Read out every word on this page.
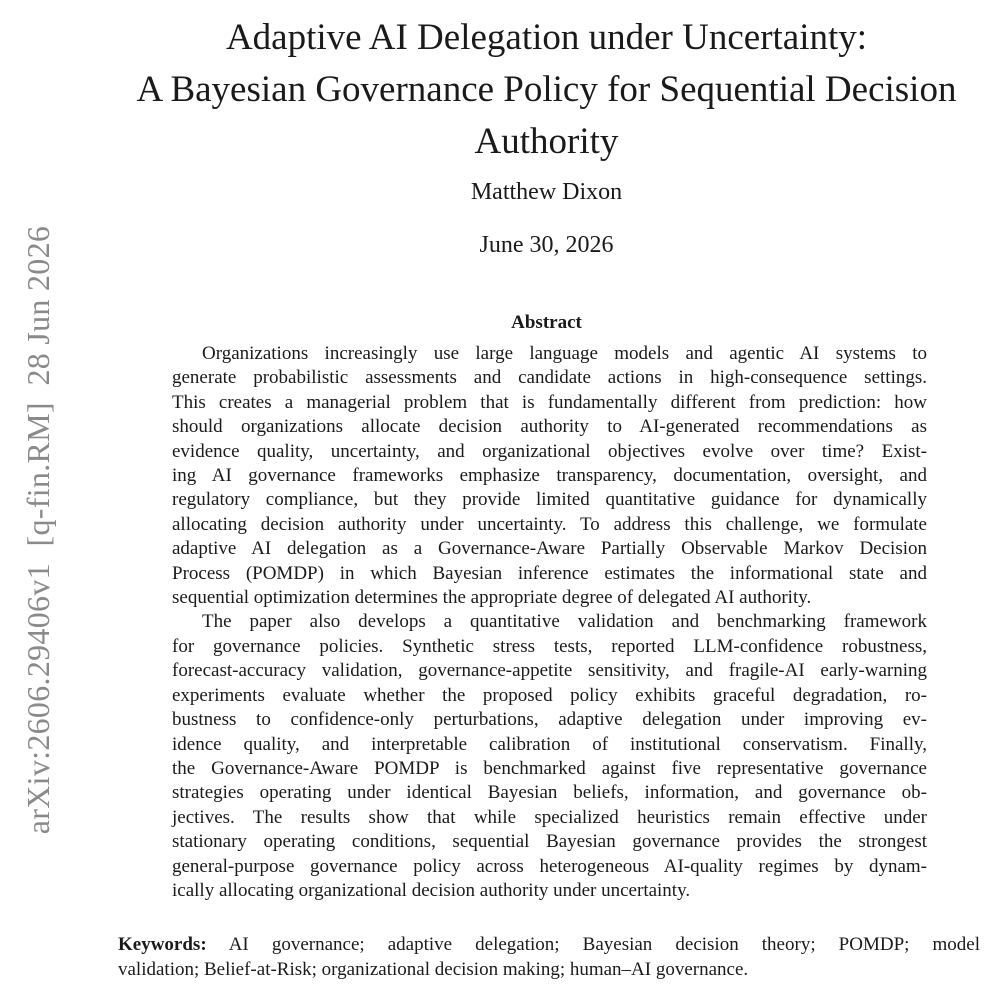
arXiv:2606.29406v1  [q-fin.RM]  28 Jun 2026
Adaptive AI Delegation under Uncertainty:
A Bayesian Governance Policy for Sequential Decision
Authority
Matthew Dixon
June 30, 2026
Abstract
Organizations increasingly use large language models and agentic AI systems to
generate probabilistic assessments and candidate actions in high-consequence settings.
This creates a managerial problem that is fundamentally different from prediction: how
should organizations allocate decision authority to AI-generated recommendations as
evidence quality, uncertainty, and organizational objectives evolve over time? Exist-
ing AI governance frameworks emphasize transparency, documentation, oversight, and
regulatory compliance, but they provide limited quantitative guidance for dynamically
allocating decision authority under uncertainty. To address this challenge, we formulate
adaptive AI delegation as a Governance-Aware Partially Observable Markov Decision
Process (POMDP) in which Bayesian inference estimates the informational state and
sequential optimization determines the appropriate degree of delegated AI authority.
The paper also develops a quantitative validation and benchmarking framework
for governance policies. Synthetic stress tests, reported LLM-confidence robustness,
forecast-accuracy validation, governance-appetite sensitivity, and fragile-AI early-warning
experiments evaluate whether the proposed policy exhibits graceful degradation, ro-
bustness to confidence-only perturbations, adaptive delegation under improving ev-
idence quality, and interpretable calibration of institutional conservatism. Finally,
the Governance-Aware POMDP is benchmarked against five representative governance
strategies operating under identical Bayesian beliefs, information, and governance ob-
jectives. The results show that while specialized heuristics remain effective under
stationary operating conditions, sequential Bayesian governance provides the strongest
general-purpose governance policy across heterogeneous AI-quality regimes by dynam-
ically allocating organizational decision authority under uncertainty.
Keywords: AI governance; adaptive delegation; Bayesian decision theory; POMDP; model
validation; Belief-at-Risk; organizational decision making; human–AI governance.
